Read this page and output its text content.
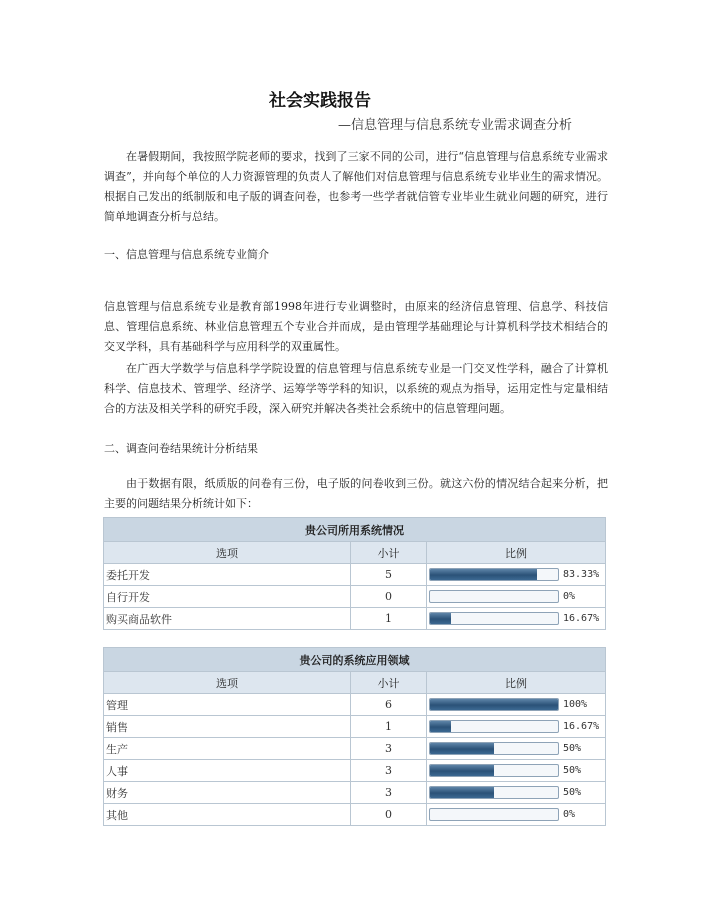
社会实践报告
—信息管理与信息系统专业需求调查分析

在暑假期间，我按照学院老师的要求，找到了三家不同的公司，进行“信息管理与信息系统专业需求调查”，并向每个单位的人力资源管理的负责人了解他们对信息管理与信息系统专业毕业生的需求情况。根据自己发出的纸制版和电子版的调查问卷，也参考一些学者就信管专业毕业生就业问题的研究，进行简单地调查分析与总结。

一、信息管理与信息系统专业简介

信息管理与信息系统专业是教育部1998年进行专业调整时，由原来的经济信息管理、信息学、科技信息、管理信息系统、林业信息管理五个专业合并而成，是由管理学基础理论与计算机科学技术相结合的交叉学科，具有基础科学与应用科学的双重属性。

在广西大学数学与信息科学学院设置的信息管理与信息系统专业是一门交叉性学科，融合了计算机科学、信息技术、管理学、经济学、运筹学等学科的知识，以系统的观点为指导，运用定性与定量相结合的方法及相关学科的研究手段，深入研究并解决各类社会系统中的信息管理问题。

二、调查问卷结果统计分析结果

由于数据有限，纸质版的问卷有三份，电子版的问卷收到三份。就这六份的情况结合起来分析，把主要的问题结果分析统计如下：

贵公司所用系统情况		
选项	小计	比例
委托开发	5	83.33%

自行开发	0	0%

购买商品软件	1	16.67%
贵公司的系统应用领域		
选项	小计	比例
管理	6	100%

销售	1	16.67%

生产	3	50%

人事	3	50%

财务	3	50%

其他	0	0%
